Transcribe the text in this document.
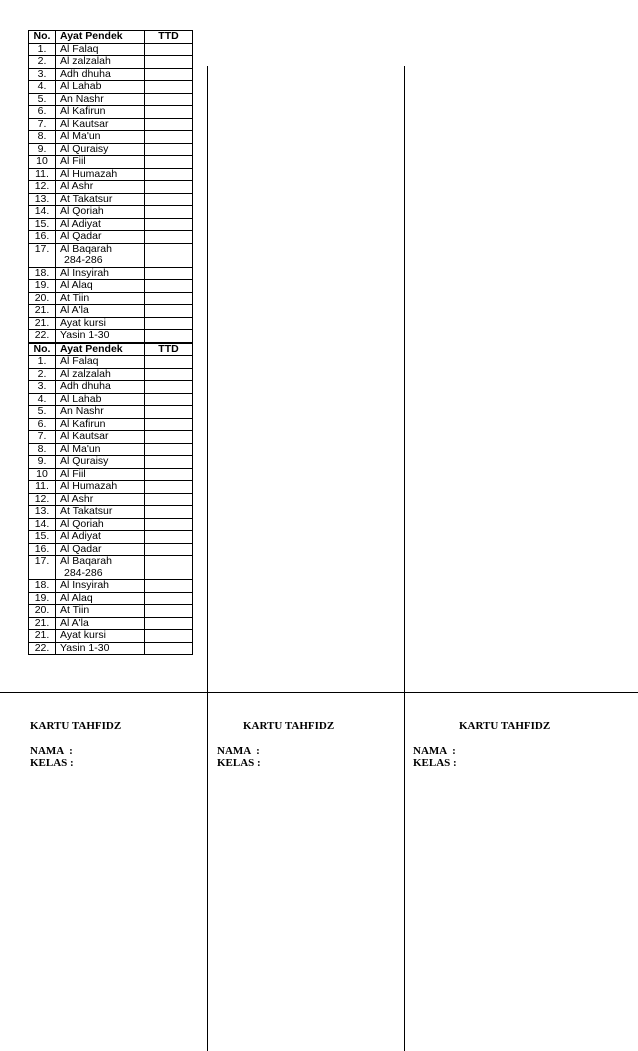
No.	Ayat Pendek	TTD
1.	Al Falaq	
2.	Al zalzalah	
3.	Adh dhuha	
4.	Al Lahab	
5.	An Nashr	
6.	Al Kafirun	
7.	Al Kautsar	
8.	Al Ma'un	
9.	Al Quraisy	
10	Al Fiil	
11.	Al Humazah	
12.	Al Ashr	
13.	At Takatsur	
14.	Al Qoriah	
15.	Al Adiyat	
16.	Al Qadar	
17.	Al Baqarah
284-286	

18.	Al Insyirah	
19.	Al Alaq	
20.	At Tiin	
21.	Al A'la	
21.	Ayat kursi	
22.	Yasin 1-30	
No.	Ayat Pendek	TTD
1.	Al Falaq	
2.	Al zalzalah	
3.	Adh dhuha	
4.	Al Lahab	
5.	An Nashr	
6.	Al Kafirun	
7.	Al Kautsar	
8.	Al Ma'un	
9.	Al Quraisy	
10	Al Fiil	
11.	Al Humazah	
12.	Al Ashr	
13.	At Takatsur	
14.	Al Qoriah	
15.	Al Adiyat	
16.	Al Qadar	
17.	Al Baqarah
284-286	

18.	Al Insyirah	
19.	Al Alaq	
20.	At Tiin	
21.	Al A'la	
21.	Ayat kursi	
22.	Yasin 1-30	
KARTU TAHFIDZ
NAMA  :
KELAS :
KARTU TAHFIDZ
NAMA  :
KELAS :
KARTU TAHFIDZ
NAMA  :
KELAS :
